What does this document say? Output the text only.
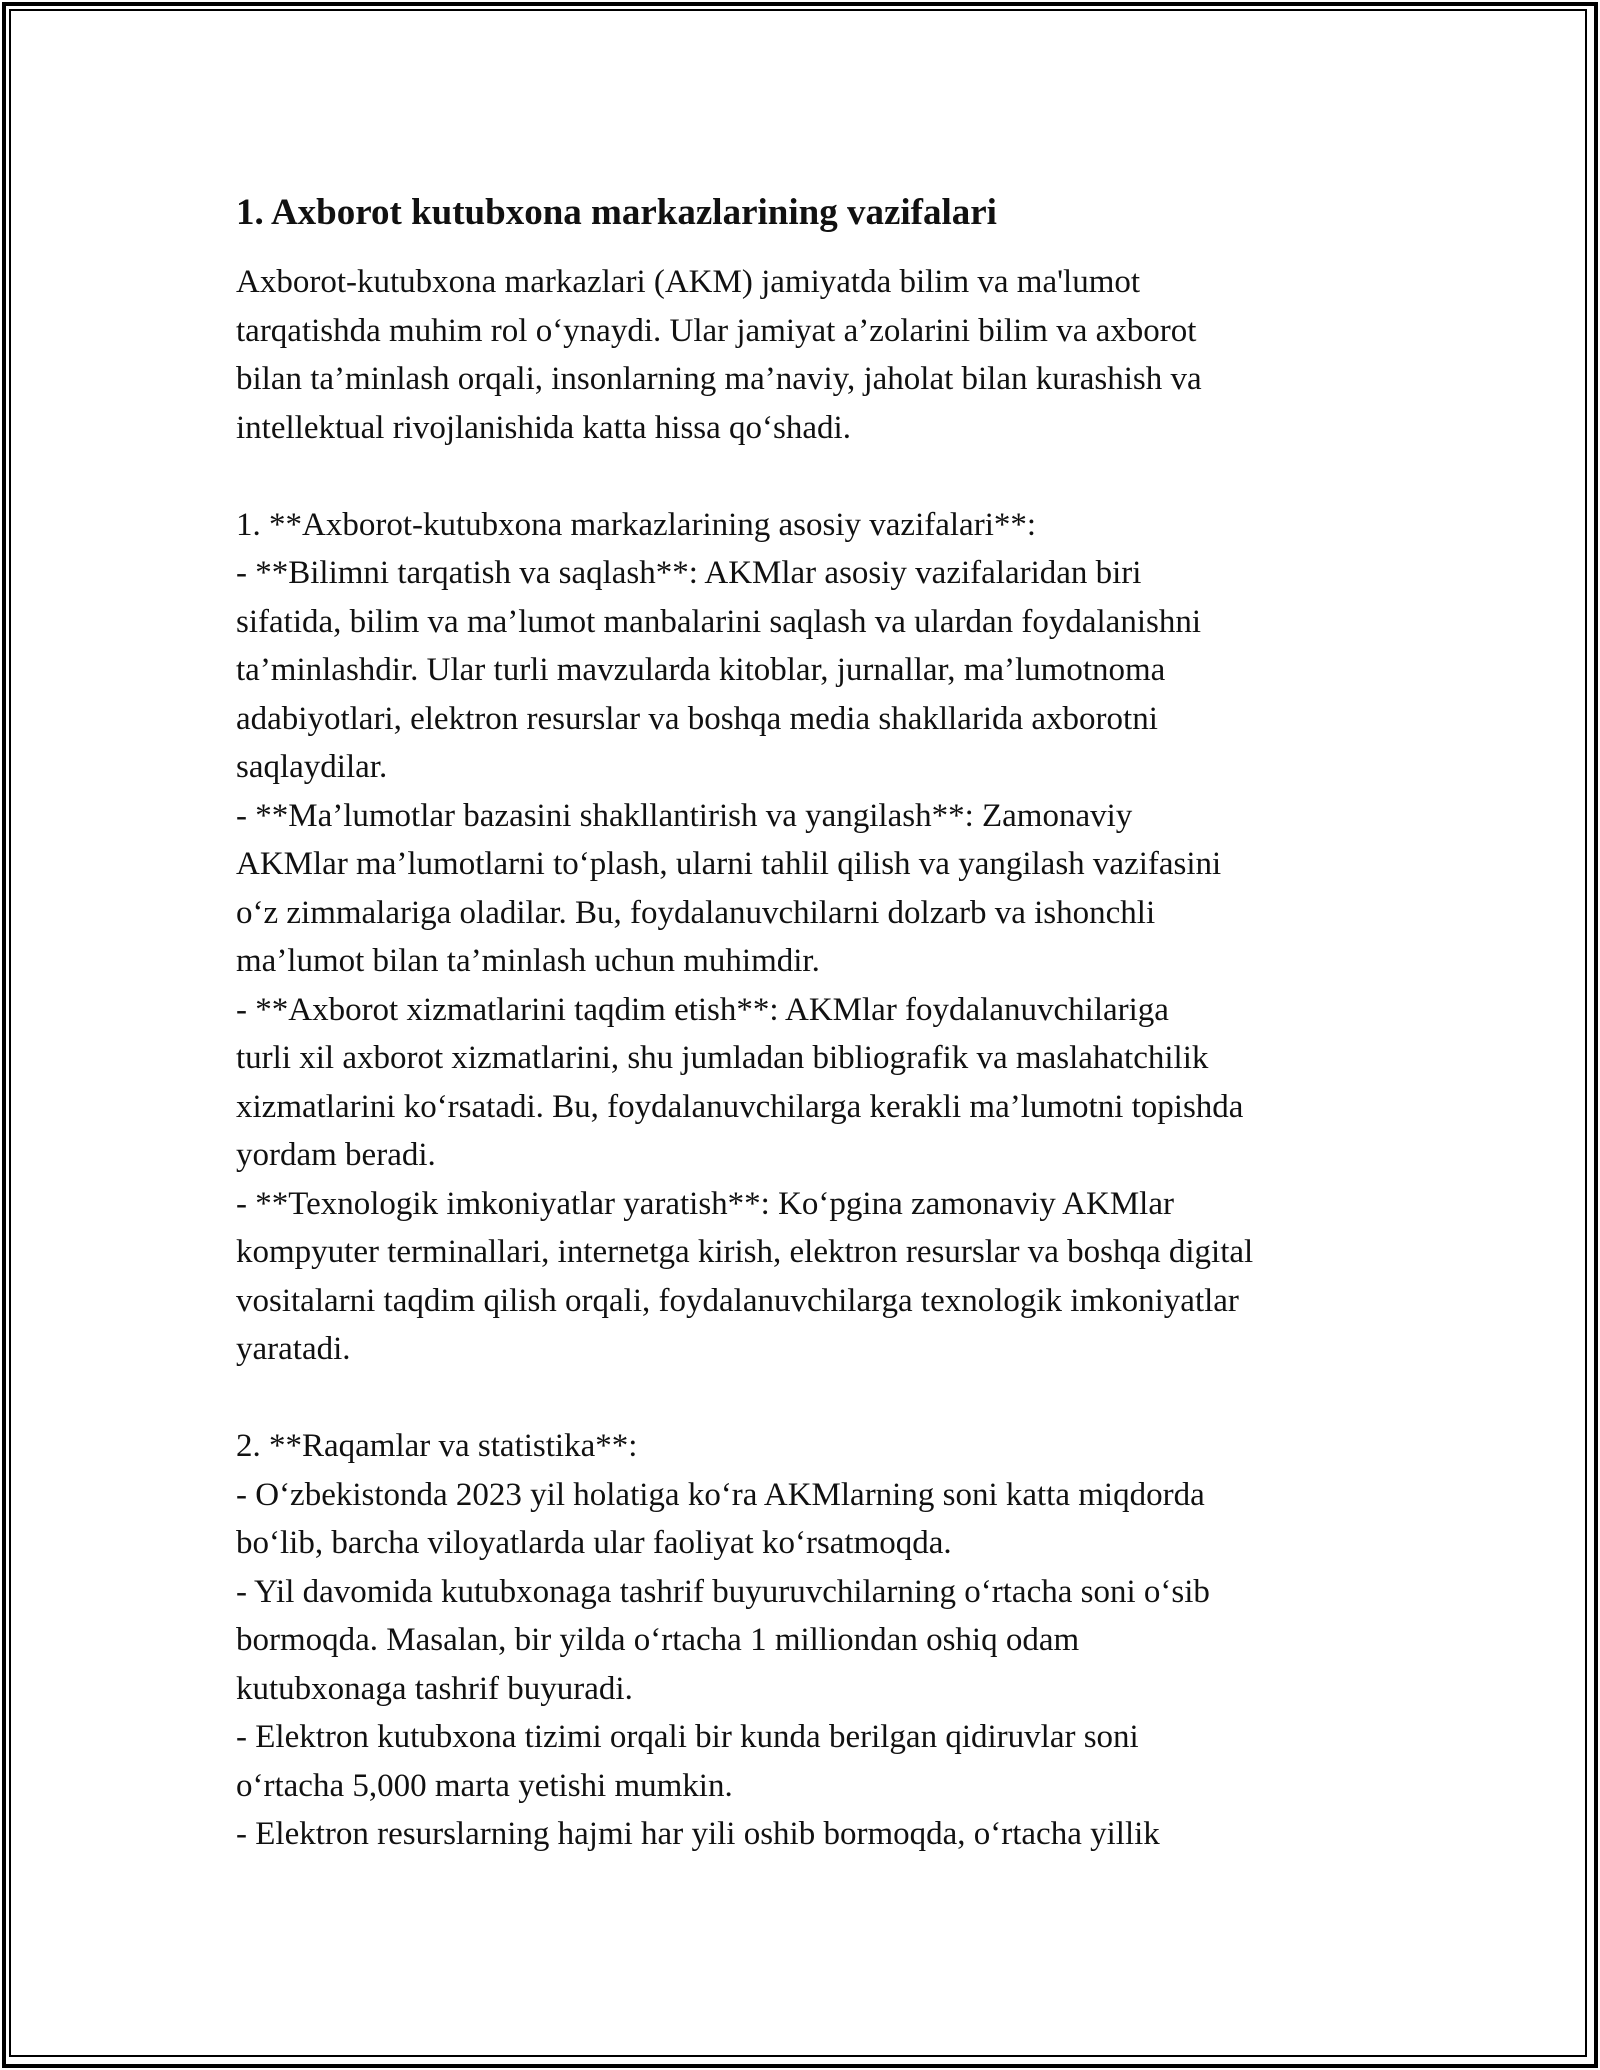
1. Axborot kutubxona markazlarining vazifalari

Axborot-kutubxona markazlari (AKM) jamiyatda bilim va ma'lumot
tarqatishda muhim rol o‘ynaydi. Ular jamiyat a’zolarini bilim va axborot
bilan ta’minlash orqali, insonlarning ma’naviy, jaholat bilan kurashish va
intellektual rivojlanishida katta hissa qo‘shadi.

1. **Axborot-kutubxona markazlarining asosiy vazifalari**:

- **Bilimni tarqatish va saqlash**: AKMlar asosiy vazifalaridan biri
sifatida, bilim va ma’lumot manbalarini saqlash va ulardan foydalanishni
ta’minlashdir. Ular turli mavzularda kitoblar, jurnallar, ma’lumotnoma
adabiyotlari, elektron resurslar va boshqa media shakllarida axborotni
saqlaydilar.

- **Ma’lumotlar bazasini shakllantirish va yangilash**: Zamonaviy
AKMlar ma’lumotlarni to‘plash, ularni tahlil qilish va yangilash vazifasini
o‘z zimmalariga oladilar. Bu, foydalanuvchilarni dolzarb va ishonchli
ma’lumot bilan ta’minlash uchun muhimdir.

- **Axborot xizmatlarini taqdim etish**: AKMlar foydalanuvchilariga
turli xil axborot xizmatlarini, shu jumladan bibliografik va maslahatchilik
xizmatlarini ko‘rsatadi. Bu, foydalanuvchilarga kerakli ma’lumotni topishda
yordam beradi.

- **Texnologik imkoniyatlar yaratish**: Ko‘pgina zamonaviy AKMlar
kompyuter terminallari, internetga kirish, elektron resurslar va boshqa digital
vositalarni taqdim qilish orqali, foydalanuvchilarga texnologik imkoniyatlar
yaratadi.

2. **Raqamlar va statistika**:

- O‘zbekistonda 2023 yil holatiga ko‘ra AKMlarning soni katta miqdorda
bo‘lib, barcha viloyatlarda ular faoliyat ko‘rsatmoqda.

- Yil davomida kutubxonaga tashrif buyuruvchilarning o‘rtacha soni o‘sib
bormoqda. Masalan, bir yilda o‘rtacha 1 milliondan oshiq odam
kutubxonaga tashrif buyuradi.

- Elektron kutubxona tizimi orqali bir kunda berilgan qidiruvlar soni
o‘rtacha 5,000 marta yetishi mumkin.

- Elektron resurslarning hajmi har yili oshib bormoqda, o‘rtacha yillik
